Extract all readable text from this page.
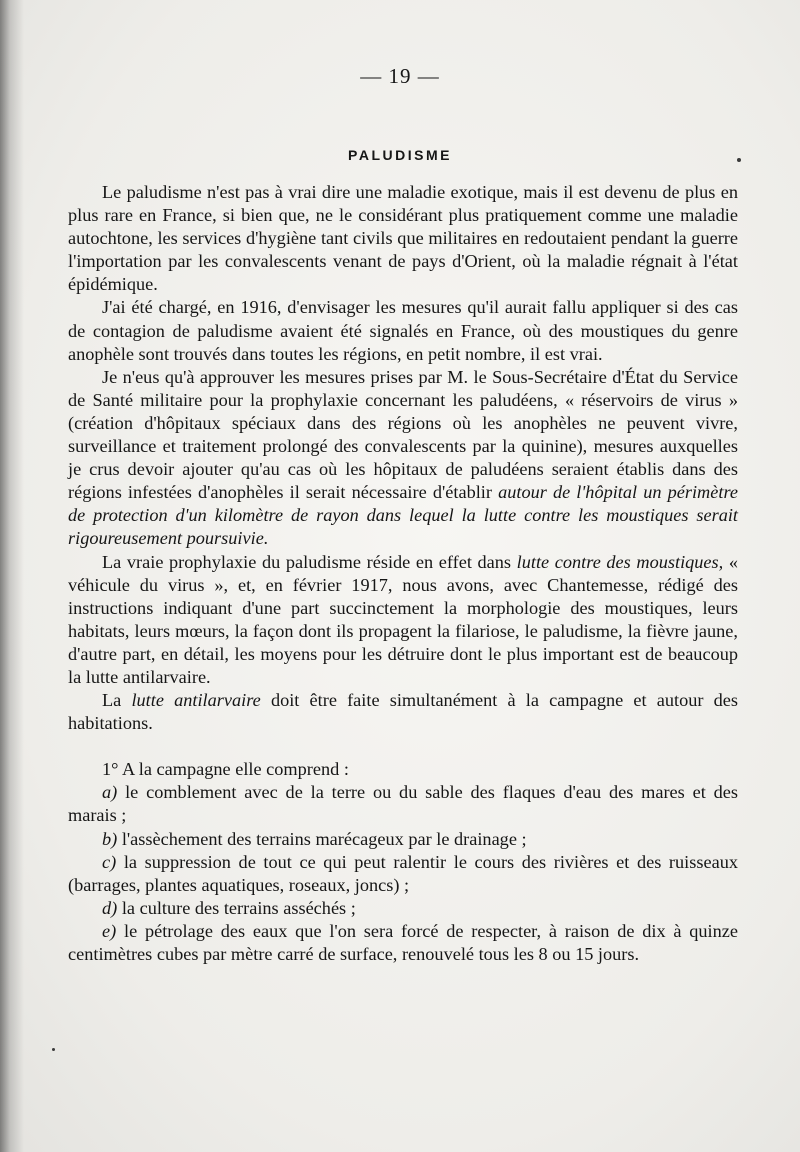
— 19 —
PALUDISME

Le paludisme n'est pas à vrai dire une maladie exotique, mais il est devenu de plus en plus rare en France, si bien que, ne le considérant plus pratiquement comme une maladie autochtone, les services d'hygiène tant civils que militaires en redoutaient pendant la guerre l'importation par les convalescents venant de pays d'Orient, où la maladie régnait à l'état épidémique.

J'ai été chargé, en 1916, d'envisager les mesures qu'il aurait fallu appliquer si des cas de contagion de paludisme avaient été signalés en France, où des moustiques du genre anophèle sont trouvés dans toutes les régions, en petit nombre, il est vrai.

Je n'eus qu'à approuver les mesures prises par M. le Sous-Secrétaire d'État du Service de Santé militaire pour la prophylaxie concernant les paludéens, « réservoirs de virus » (création d'hôpitaux spéciaux dans des régions où les anophèles ne peuvent vivre, surveillance et traitement prolongé des convalescents par la quinine), mesures auxquelles je crus devoir ajouter qu'au cas où les hôpitaux de paludéens seraient établis dans des régions infestées d'anophèles il serait nécessaire d'établir autour de l'hôpital un périmètre de protection d'un kilomètre de rayon dans lequel la lutte contre les moustiques serait rigoureusement poursuivie.

La vraie prophylaxie du paludisme réside en effet dans lutte contre des moustiques, « véhicule du virus », et, en février 1917, nous avons, avec Chantemesse, rédigé des instructions indiquant d'une part succinctement la morphologie des moustiques, leurs habitats, leurs mœurs, la façon dont ils propagent la filariose, le paludisme, la fièvre jaune, d'autre part, en détail, les moyens pour les détruire dont le plus important est de beaucoup la lutte antilarvaire.

La lutte antilarvaire doit être faite simultanément à la campagne et autour des habitations.

1° A la campagne elle comprend :

a) le comblement avec de la terre ou du sable des flaques d'eau des mares et des marais ;

b) l'assèchement des terrains marécageux par le drainage ;

c) la suppression de tout ce qui peut ralentir le cours des rivières et des ruisseaux (barrages, plantes aquatiques, roseaux, joncs) ;

d) la culture des terrains asséchés ;

e) le pétrolage des eaux que l'on sera forcé de respecter, à raison de dix à quinze centimètres cubes par mètre carré de surface, renouvelé tous les 8 ou 15 jours.
